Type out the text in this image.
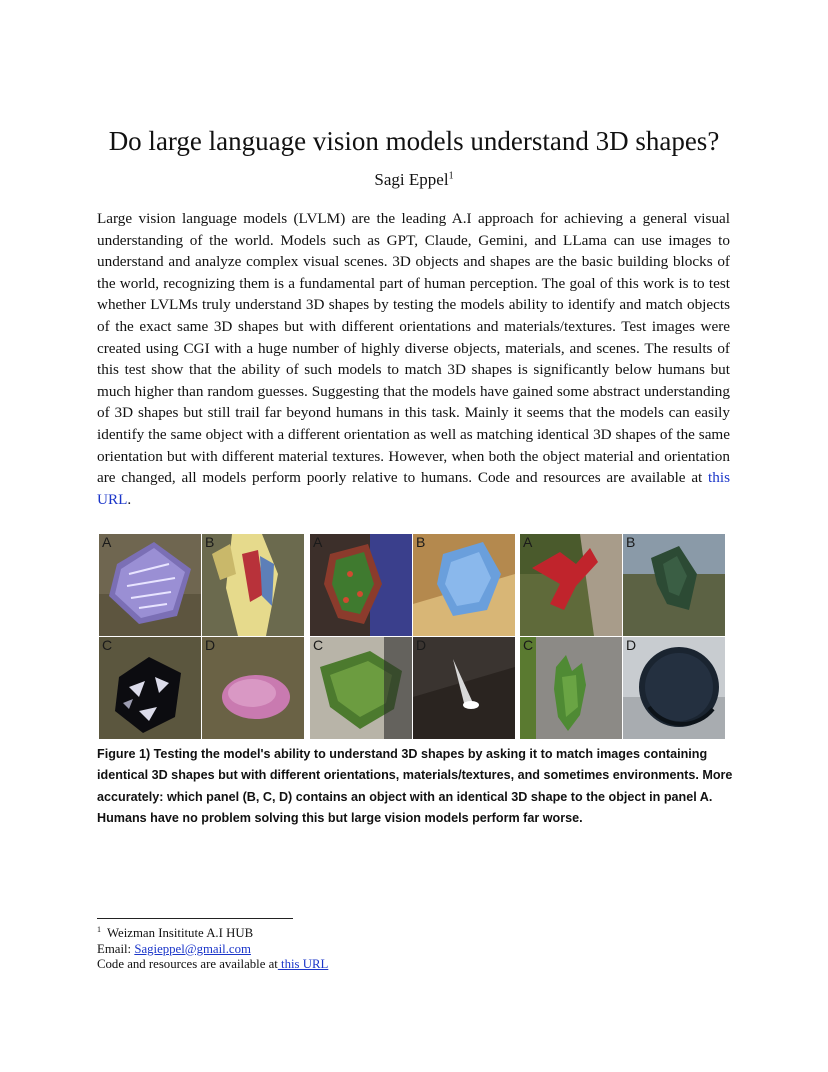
Do large language vision models understand 3D shapes?
Sagi Eppel$^1$

Large vision language models (LVLM) are the leading A.I approach for achieving a general visual understanding of the world. Models such as GPT, Claude, Gemini, and LLama can use images to understand and analyze complex visual scenes. 3D objects and shapes are the basic building blocks of the world, recognizing them is a fundamental part of human perception. The goal of this work is to test whether LVLMs truly understand 3D shapes by testing the models ability to identify and match objects of the exact same 3D shapes but with different orientations and materials/textures. Test images were created using CGI with a huge number of highly diverse objects, materials, and scenes. The results of this test show that the ability of such models to match 3D shapes is significantly below humans but much higher than random guesses. Suggesting that the models have gained some abstract understanding of 3D shapes but still trail far beyond humans in this task. Mainly it seems that the models can easily identify the same object with a different orientation as well as matching identical 3D shapes of the same orientation but with different material textures. However, when both the object material and orientation are changed, all models perform poorly relative to humans. Code and resources are available at this URL.

A	B
C	D
A	B
C	D
A	B
C	D

Figure 1) Testing the model's ability to understand 3D shapes by asking it to match images containing identical 3D shapes but with different orientations, materials/textures, and sometimes environments. More accurately: which panel (B, C, D) contains an object with an identical 3D shape to the object in panel A. Humans have no problem solving this but large vision models perform far worse.

$^1$ Weizman Insititute A.I HUB
Email: Sagieppel@gmail.com
Code and resources are available at this URL
